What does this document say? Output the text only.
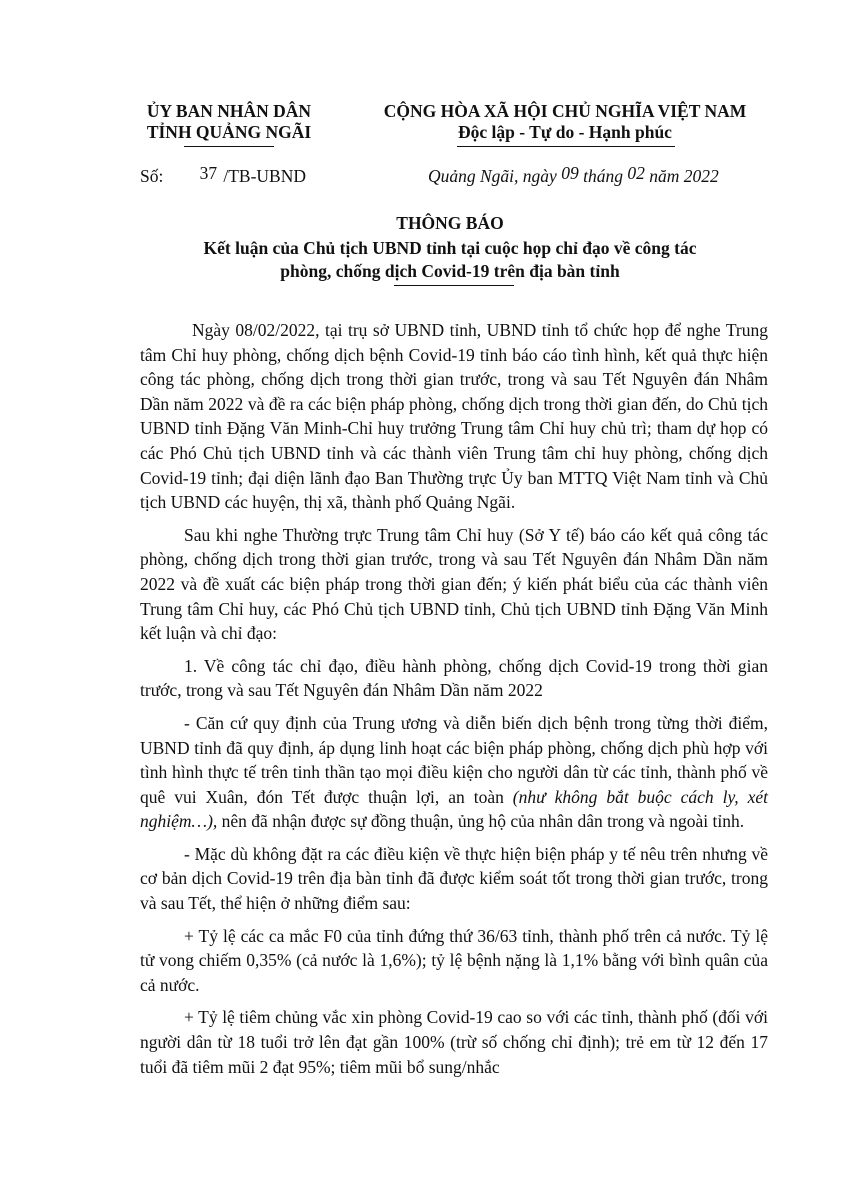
ỦY BAN NHÂN DÂN
TỈNH QUẢNG NGÃI
CỘNG HÒA XÃ HỘI CHỦ NGHĨA VIỆT NAM
Độc lập - Tự do - Hạnh phúc
Số: 37 /TB-UBND	Quảng Ngãi, ngày 09 tháng 02 năm 2022
THÔNG BÁO
Kết luận của Chủ tịch UBND tỉnh tại cuộc họp chỉ đạo về công tác
phòng, chống dịch Covid-19 trên địa bàn tỉnh

Ngày 08/02/2022, tại trụ sở UBND tỉnh, UBND tỉnh tổ chức họp để nghe Trung tâm Chỉ huy phòng, chống dịch bệnh Covid-19 tỉnh báo cáo tình hình, kết quả thực hiện công tác phòng, chống dịch trong thời gian trước, trong và sau Tết Nguyên đán Nhâm Dần năm 2022 và đề ra các biện pháp phòng, chống dịch trong thời gian đến, do Chủ tịch UBND tỉnh Đặng Văn Minh-Chỉ huy trưởng Trung tâm Chỉ huy chủ trì; tham dự họp có các Phó Chủ tịch UBND tỉnh và các thành viên Trung tâm chỉ huy phòng, chống dịch Covid-19 tỉnh; đại diện lãnh đạo Ban Thường trực Ủy ban MTTQ Việt Nam tỉnh và Chủ tịch UBND các huyện, thị xã, thành phố Quảng Ngãi.

Sau khi nghe Thường trực Trung tâm Chỉ huy (Sở Y tế) báo cáo kết quả công tác phòng, chống dịch trong thời gian trước, trong và sau Tết Nguyên đán Nhâm Dần năm 2022 và đề xuất các biện pháp trong thời gian đến; ý kiến phát biểu của các thành viên Trung tâm Chỉ huy, các Phó Chủ tịch UBND tỉnh, Chủ tịch UBND tỉnh Đặng Văn Minh kết luận và chỉ đạo:

1. Về công tác chỉ đạo, điều hành phòng, chống dịch Covid-19 trong thời gian trước, trong và sau Tết Nguyên đán Nhâm Dần năm 2022

- Căn cứ quy định của Trung ương và diễn biến dịch bệnh trong từng thời điểm, UBND tỉnh đã quy định, áp dụng linh hoạt các biện pháp phòng, chống dịch phù hợp với tình hình thực tế trên tinh thần tạo mọi điều kiện cho người dân từ các tỉnh, thành phố về quê vui Xuân, đón Tết được thuận lợi, an toàn (như không bắt buộc cách ly, xét nghiệm…), nên đã nhận được sự đồng thuận, ủng hộ của nhân dân trong và ngoài tỉnh.

- Mặc dù không đặt ra các điều kiện về thực hiện biện pháp y tế nêu trên nhưng về cơ bản dịch Covid-19 trên địa bàn tỉnh đã được kiểm soát tốt trong thời gian trước, trong và sau Tết, thể hiện ở những điểm sau:

+ Tỷ lệ các ca mắc F0 của tỉnh đứng thứ 36/63 tỉnh, thành phố trên cả nước. Tỷ lệ tử vong chiếm 0,35% (cả nước là 1,6%); tỷ lệ bệnh nặng là 1,1% bằng với bình quân của cả nước.

+ Tỷ lệ tiêm chủng vắc xin phòng Covid-19 cao so với các tỉnh, thành phố (đối với người dân từ 18 tuổi trở lên đạt gần 100% (trừ số chống chỉ định); trẻ em từ 12 đến 17 tuổi đã tiêm mũi 2 đạt 95%; tiêm mũi bổ sung/nhắc
